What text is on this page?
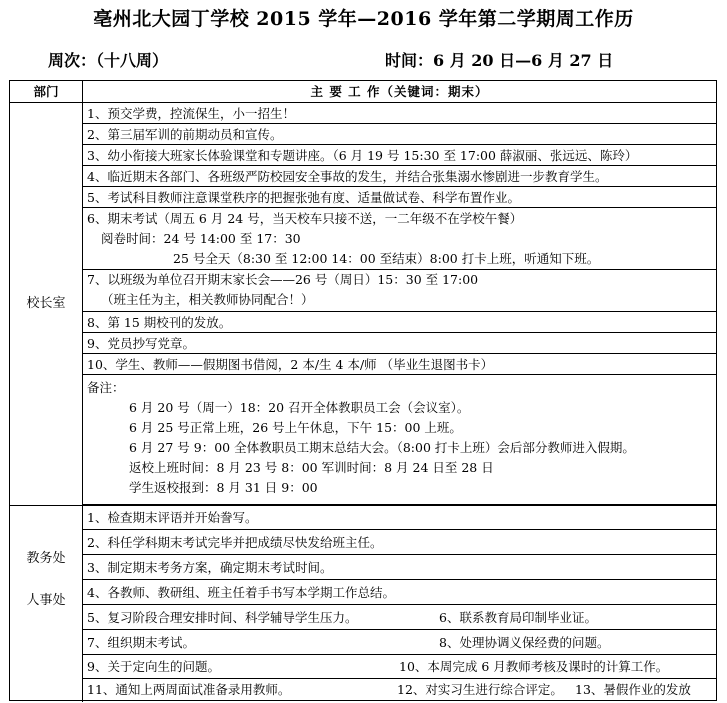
亳州北大园丁学校 2015 学年—2016 学年第二学期周工作历
周次：（十八周）	时间：6 月 20 日—6 月 27 日
部门	主 要 工 作（关键词：期末）
校长室
1、预交学费，控流保生，小一招生！
2、第三届军训的前期动员和宣传。
3、幼小衔接大班家长体验课堂和专题讲座。（6 月 19 号 15:30 至 17:00 薛淑丽、张远远、陈玲）
4、临近期末各部门、各班级严防校园安全事故的发生，并结合张集溺水惨剧进一步教育学生。
5、考试科目教师注意课堂秩序的把握张弛有度、适量做试卷、科学布置作业。
6、期末考试（周五 6 月 24 号，当天校车只接不送，一二年级不在学校午餐）
阅卷时间：24 号 14:00 至 17：30
25 号全天（8:30 至 12:00 14：00 至结束）8:00 打卡上班，听通知下班。
7、以班级为单位召开期末家长会——26 号（周日）15：30 至 17:00
（班主任为主，相关教师协同配合！）
8、第 15 期校刊的发放。
9、党员抄写党章。
10、学生、教师——假期图书借阅，2 本/生 4 本/师 （毕业生退图书卡）
备注：
6 月 20 号（周一）18：20 召开全体教职员工会（会议室）。
6 月 25 号正常上班，26 号上午休息，下午 15：00 上班。
6 月 27 号 9：00 全体教职员工期末总结大会。（8:00 打卡上班）会后部分教师进入假期。
返校上班时间：8 月 23 号 8：00 军训时间：8 月 24 日至 28 日
学生返校报到：8 月 31 日 9：00
教务处
人事处
1、检查期末评语并开始誊写。
2、科任学科期末考试完毕并把成绩尽快发给班主任。
3、制定期末考务方案，确定期末考试时间。
4、各教师、教研组、班主任着手书写本学期工作总结。
5、复习阶段合理安排时间、科学辅导学生压力。	6、联系教育局印制毕业证。
7、组织期末考试。	8、处理协调义保经费的问题。
9、关于定向生的问题。	10、本周完成 6 月教师考核及课时的计算工作。
11、通知上两周面试准备录用教师。	12、对实习生进行综合评定。 13、暑假作业的发放
